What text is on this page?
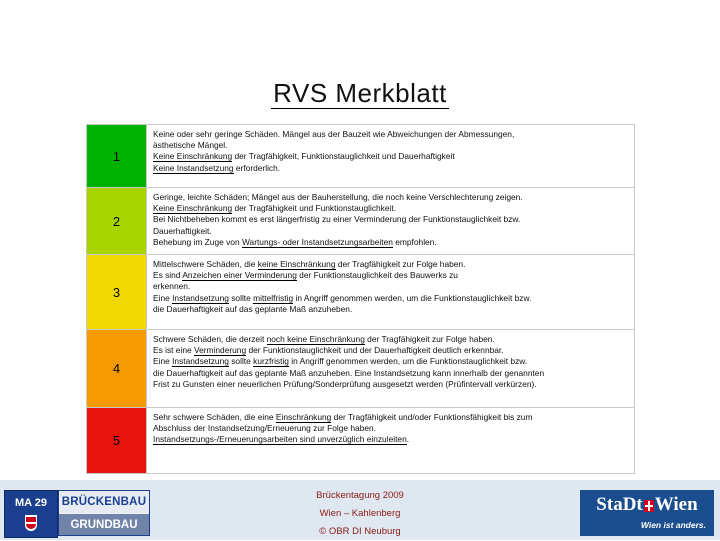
RVS Merkblatt
1
Keine oder sehr geringe Schäden. Mängel aus der Bauzeit wie Abweichungen der Abmessungen,
ästhetische Mängel.
Keine Einschränkung der Tragfähigkeit, Funktionstauglichkeit und Dauerhaftigkeit
Keine Instandsetzung erforderlich.
2
Geringe, leichte Schäden; Mängel aus der Bauherstellung, die noch keine Verschlechterung zeigen.
Keine Einschränkung der Tragfähigkeit und Funktionstauglichkeit.
Bei Nichtbeheben kommt es erst längerfristig zu einer Verminderung der Funktionstauglichkeit bzw.
Dauerhaftigkeit.
Behebung im Zuge von Wartungs- oder Instandsetzungsarbeiten empfohlen.
3
Mittelschwere Schäden, die keine Einschränkung der Tragfähigkeit zur Folge haben.
Es sind Anzeichen einer Verminderung der Funktionstauglichkeit des Bauwerks zu
erkennen.
Eine Instandsetzung sollte mittelfristig in Angriff genommen werden, um die Funktionstauglichkeit bzw.
die Dauerhaftigkeit auf das geplante Maß anzuheben.
4
Schwere Schäden, die derzeit noch keine Einschränkung der Tragfähigkeit zur Folge haben.
Es ist eine Verminderung der Funktionstauglichkeit und der Dauerhaftigkeit deutlich erkennbar.
Eine Instandsetzung sollte kurzfristig in Angriff genommen werden, um die Funktionstauglichkeit bzw.
die Dauerhaftigkeit auf das geplante Maß anzuheben. Eine Instandsetzung kann innerhalb der genannten
Frist zu Gunsten einer neuerlichen Prüfung/Sonderprüfung ausgesetzt werden (Prüfintervall verkürzen).
5
Sehr schwere Schäden, die eine Einschränkung der Tragfähigkeit und/oder Funktionsfähigkeit bis zum
Abschluss der Instandsetzung/Erneuerung zur Folge haben.
Instandsetzungs-/Erneuerungsarbeiten sind unverzüglich einzuleiten.
MA 29	BRÜCKENBAU
GRUNDBAU
Brückentagung 2009
Wien – Kahlenberg
© OBR DI Neuburg
StaDt Wien
Wien ist anders.
